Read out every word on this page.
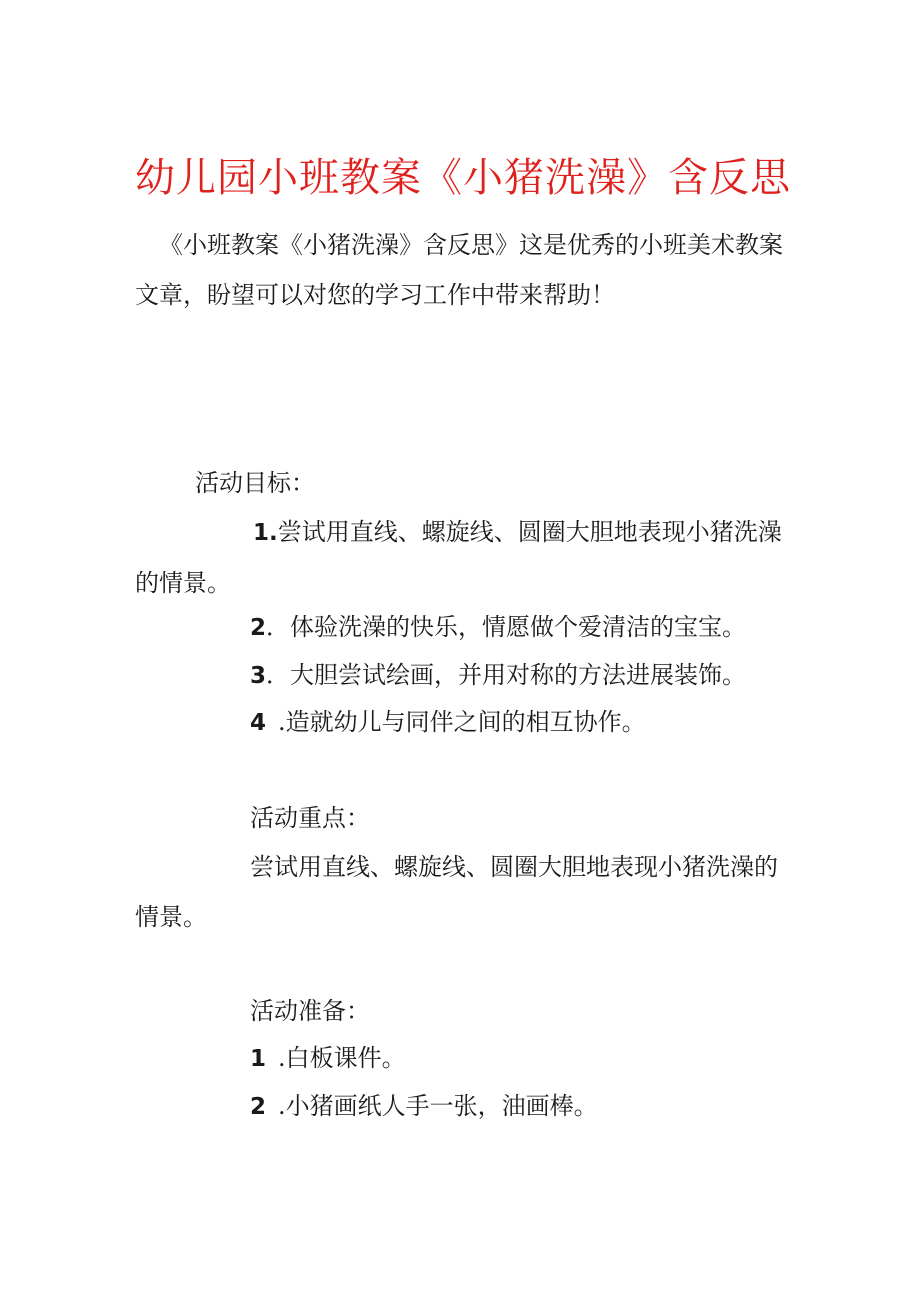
幼儿园小班教案《小猪洗澡》含反思

《小班教案《小猪洗澡》含反思》这是优秀的小班美术教案文章，盼望可以对您的学习工作中带来帮助！

活动目标：

1.尝试用直线、螺旋线、圆圈大胆地表现小猪洗澡的情景。

2．体验洗澡的快乐，情愿做个爱清洁的宝宝。

3．大胆尝试绘画，并用对称的方法进展装饰。

4 .造就幼儿与同伴之间的相互协作。

活动重点：

尝试用直线、螺旋线、圆圈大胆地表现小猪洗澡的情景。

活动准备：

1 .白板课件。

2 .小猪画纸人手一张，油画棒。
